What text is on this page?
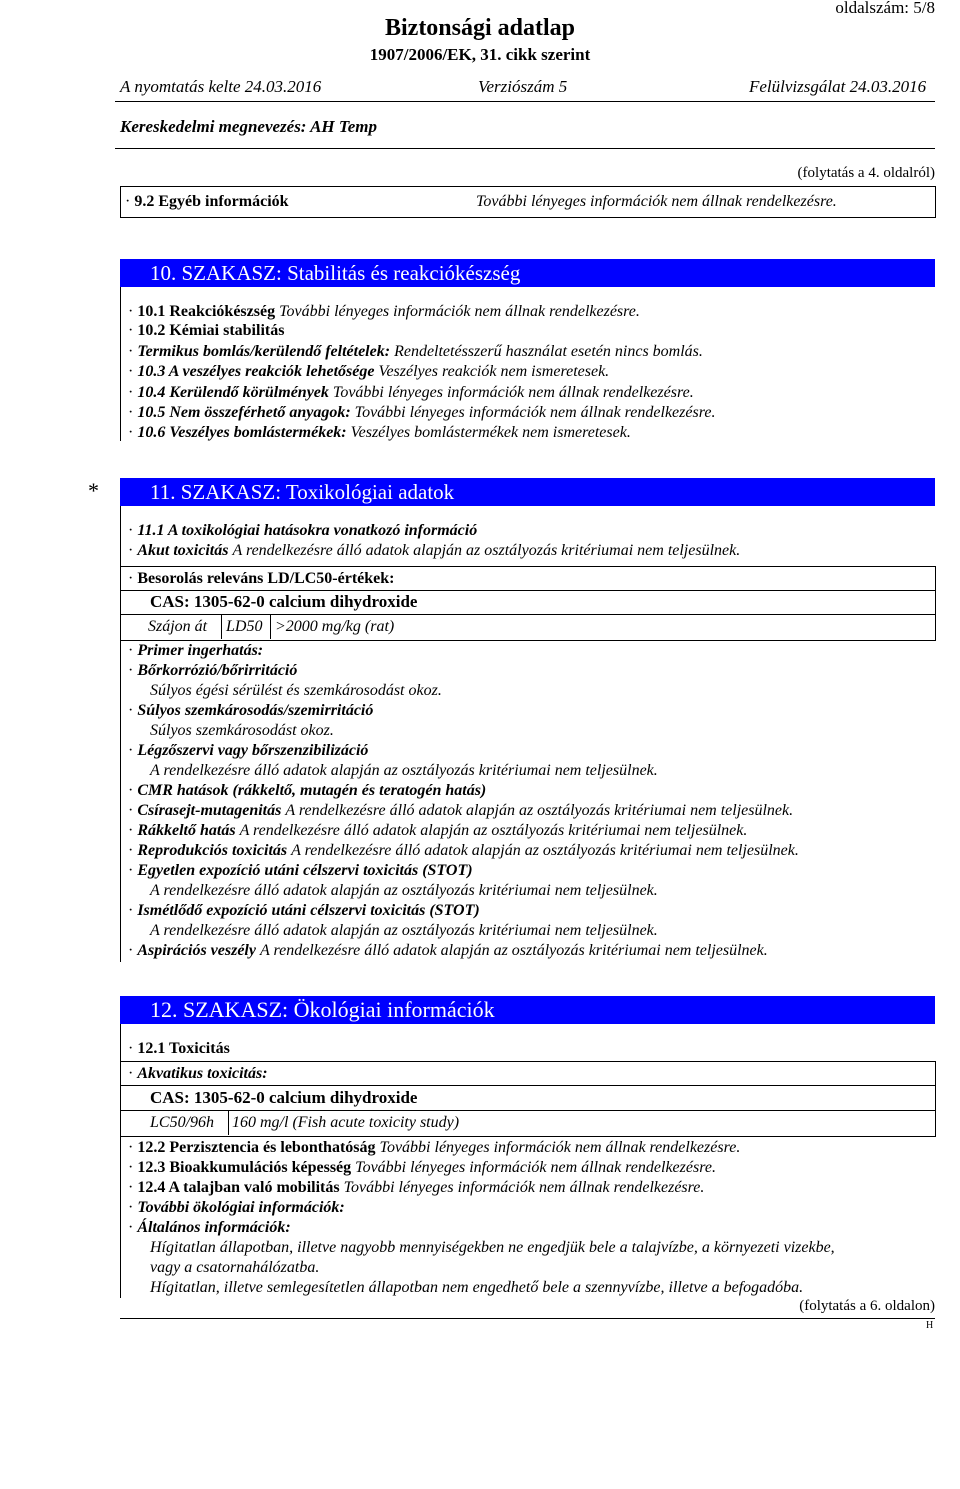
oldalszám: 5/8
Biztonsági adatlap
1907/2006/EK, 31. cikk szerint
A nyomtatás kelte 24.03.2016	Verziószám 5	Felülvizsgálat 24.03.2016
Kereskedelmi megnevezés: AH Temp
(folytatás a 4. oldalról)
· 9.2 Egyéb információk	További lényeges információk nem állnak rendelkezésre.
10. SZAKASZ: Stabilitás és reakciókészség
· 10.1 Reakciókészség További lényeges információk nem állnak rendelkezésre.
· 10.2 Kémiai stabilitás
· Termikus bomlás/kerülendő feltételek: Rendeltetésszerű használat esetén nincs bomlás.
· 10.3 A veszélyes reakciók lehetősége Veszélyes reakciók nem ismeretesek.
· 10.4 Kerülendő körülmények További lényeges információk nem állnak rendelkezésre.
· 10.5 Nem összeférhető anyagok: További lényeges információk nem állnak rendelkezésre.
· 10.6 Veszélyes bomlástermékek: Veszélyes bomlástermékek nem ismeretesek.
*	11. SZAKASZ: Toxikológiai adatok
· 11.1 A toxikológiai hatásokra vonatkozó információ
· Akut toxicitás A rendelkezésre álló adatok alapján az osztályozás kritériumai nem teljesülnek.
· Besorolás releváns LD/LC50-értékek:
CAS: 1305-62-0 calcium dihydroxide
Szájon át LD50 >2000 mg/kg (rat)
· Primer ingerhatás:
· Bőrkorrózió/bőrirritáció
Súlyos égési sérülést és szemkárosodást okoz.
· Súlyos szemkárosodás/szemirritáció
Súlyos szemkárosodást okoz.
· Légzőszervi vagy bőrszenzibilizáció
A rendelkezésre álló adatok alapján az osztályozás kritériumai nem teljesülnek.
· CMR hatások (rákkeltő, mutagén és teratogén hatás)
· Csírasejt-mutagenitás A rendelkezésre álló adatok alapján az osztályozás kritériumai nem teljesülnek.
· Rákkeltő hatás A rendelkezésre álló adatok alapján az osztályozás kritériumai nem teljesülnek.
· Reprodukciós toxicitás A rendelkezésre álló adatok alapján az osztályozás kritériumai nem teljesülnek.
· Egyetlen expozíció utáni célszervi toxicitás (STOT)
A rendelkezésre álló adatok alapján az osztályozás kritériumai nem teljesülnek.
· Ismétlődő expozíció utáni célszervi toxicitás (STOT)
A rendelkezésre álló adatok alapján az osztályozás kritériumai nem teljesülnek.
· Aspirációs veszély A rendelkezésre álló adatok alapján az osztályozás kritériumai nem teljesülnek.
12. SZAKASZ: Ökológiai információk
· 12.1 Toxicitás
· Akvatikus toxicitás:
CAS: 1305-62-0 calcium dihydroxide
LC50/96h 160 mg/l (Fish acute toxicity study)
· 12.2 Perzisztencia és lebonthatóság További lényeges információk nem állnak rendelkezésre.
· 12.3 Bioakkumulációs képesség További lényeges információk nem állnak rendelkezésre.
· 12.4 A talajban való mobilitás További lényeges információk nem állnak rendelkezésre.
· További ökológiai információk:
· Általános információk:
Hígitatlan állapotban, illetve nagyobb mennyiségekben ne engedjük bele a talajvízbe, a környezeti vizekbe,
vagy a csatornahálózatba.
Hígitatlan, illetve semlegesítetlen állapotban nem engedhető bele a szennyvízbe, illetve a befogadóba.
(folytatás a 6. oldalon)
H
